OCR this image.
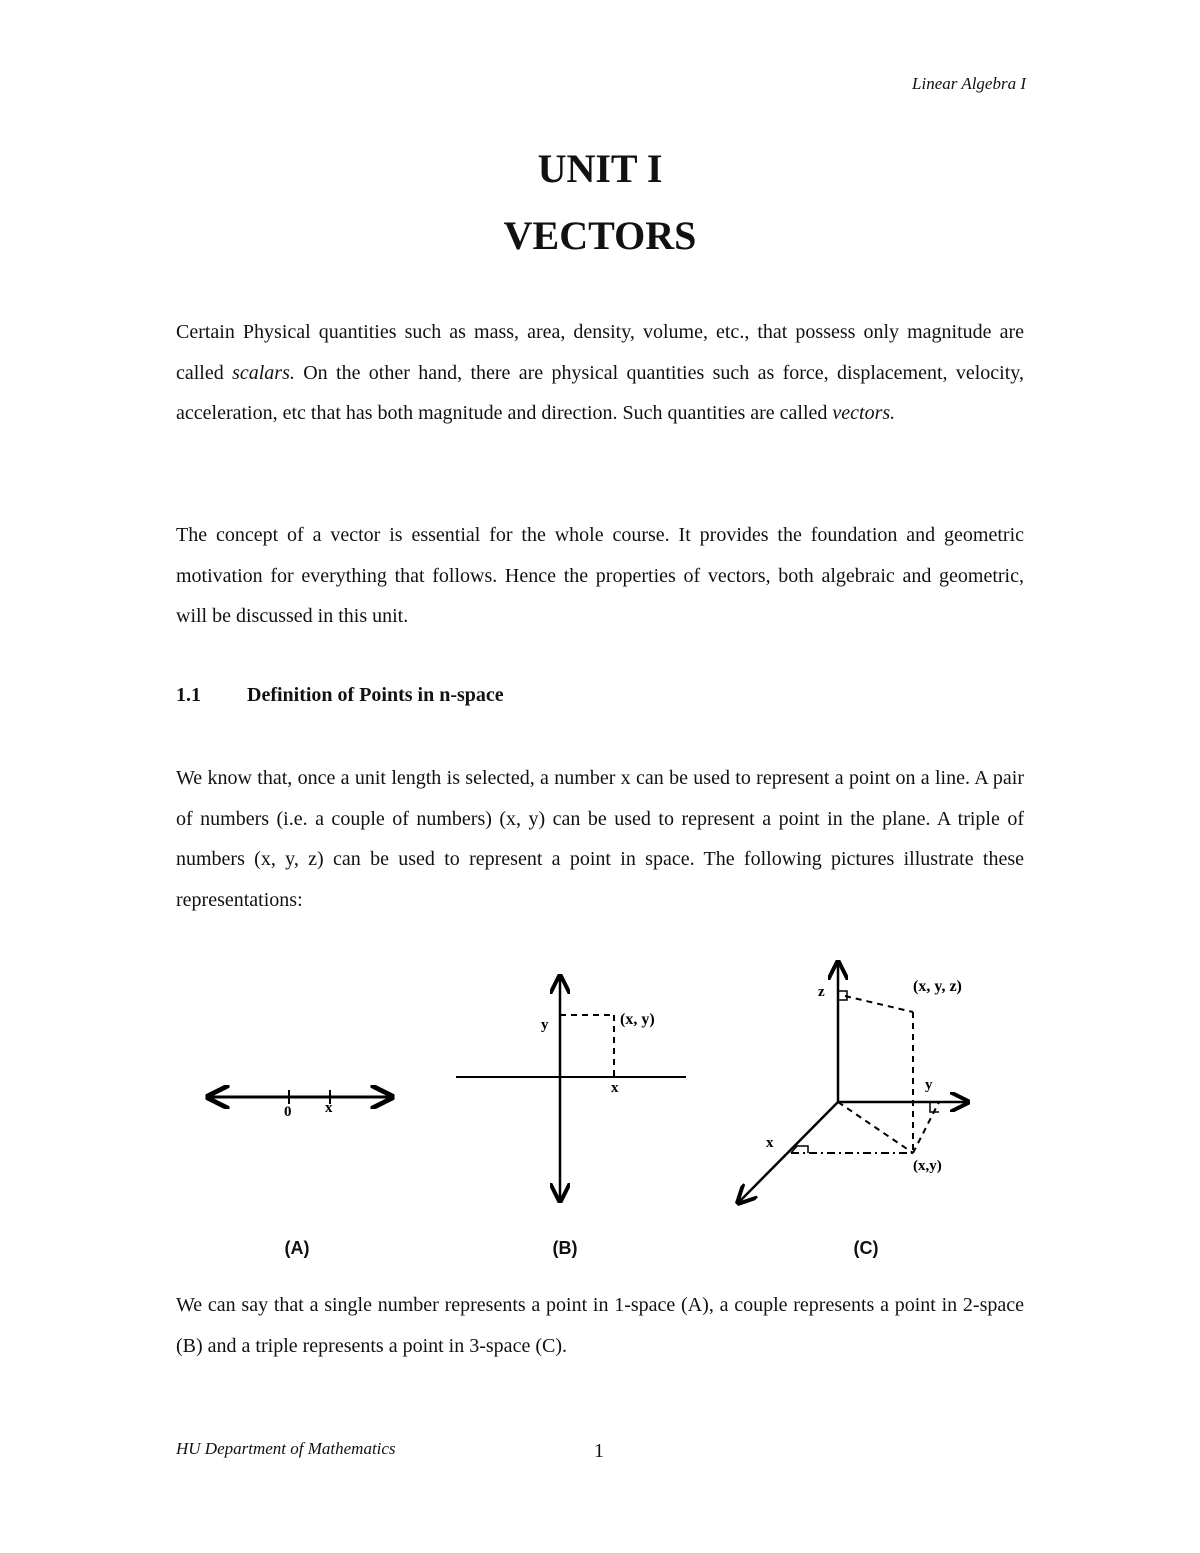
Linear Algebra I
UNIT I
VECTORS

Certain Physical quantities such as mass, area, density, volume, etc., that possess only magnitude are called scalars. On the other hand, there are physical quantities such as force, displacement, velocity, acceleration, etc that has both magnitude and direction. Such quantities are called vectors.

The concept of a vector is essential for the whole course. It provides the foundation and geometric motivation for everything that follows. Hence the properties of vectors, both algebraic and geometric, will be discussed in this unit.

1.1 Definition of Points in n-space

We know that, once a unit length is selected, a number x can be used to represent a point on a line. A pair of numbers (i.e. a couple of numbers) (x, y) can be used to represent a point in the plane. A triple of numbers (x, y, z) can be used to represent a point in space. The following pictures illustrate these representations:

0 x
y
x
(x, y)
z
y
x
(x, y, z)
(x,y)
(A)	(B)	(C)

We can say that a single number represents a point in 1-space (A), a couple represents a point in 2-space (B) and a triple represents a point in 3-space (C).

HU Department of Mathematics	1
